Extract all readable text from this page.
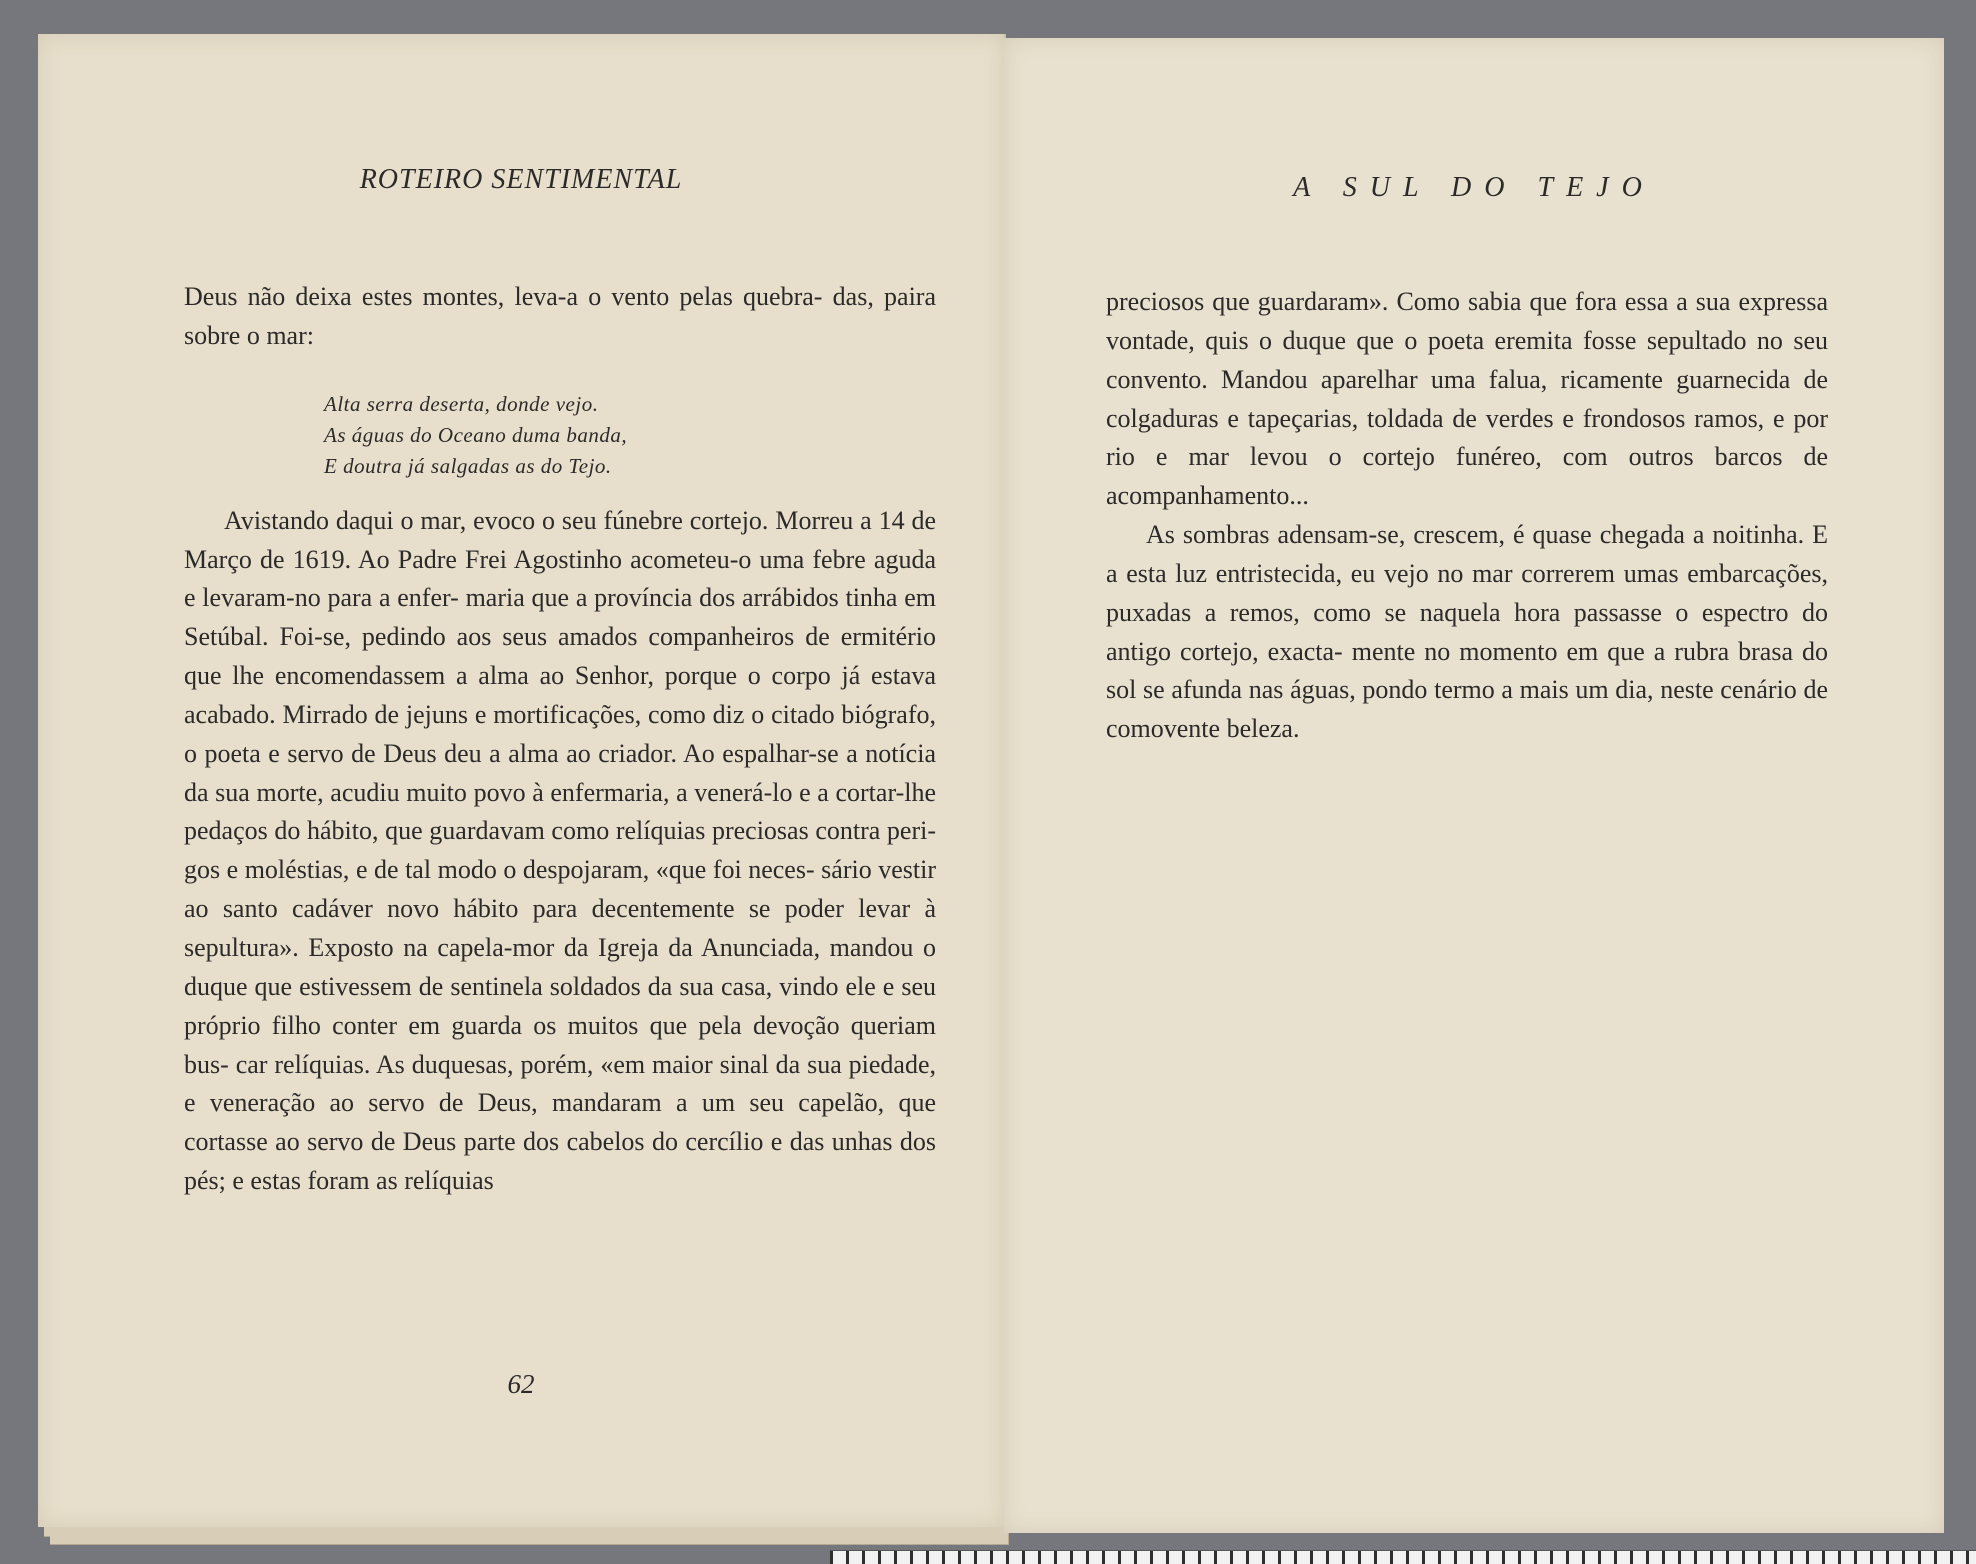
ROTEIRO SENTIMENTAL

Deus não deixa estes montes, leva-a o vento pelas quebra- das, paira sobre o mar:

Alta serra deserta, donde vejo.
As águas do Oceano duma banda,
E doutra já salgadas as do Tejo.

Avistando daqui o mar, evoco o seu fúnebre cortejo. Morreu a 14 de Março de 1619. Ao Padre Frei Agostinho acometeu-o uma febre aguda e levaram-no para a enfer- maria que a província dos arrábidos tinha em Setúbal. Foi-se, pedindo aos seus amados companheiros de ermitério que lhe encomendassem a alma ao Senhor, porque o corpo já estava acabado. Mirrado de jejuns e mortificações, como diz o citado biógrafo, o poeta e servo de Deus deu a alma ao criador. Ao espalhar-se a notícia da sua morte, acudiu muito povo à enfermaria, a venerá-lo e a cortar-lhe pedaços do hábito, que guardavam como relíquias preciosas contra peri- gos e moléstias, e de tal modo o despojaram, «que foi neces- sário vestir ao santo cadáver novo hábito para decentemente se poder levar à sepultura». Exposto na capela-mor da Igreja da Anunciada, mandou o duque que estivessem de sentinela soldados da sua casa, vindo ele e seu próprio filho conter em guarda os muitos que pela devoção queriam bus- car relíquias. As duquesas, porém, «em maior sinal da sua piedade, e veneração ao servo de Deus, mandaram a um seu capelão, que cortasse ao servo de Deus parte dos cabelos do cercílio e das unhas dos pés; e estas foram as relíquias

62
A SUL DO TEJO

preciosos que guardaram». Como sabia que fora essa a sua expressa vontade, quis o duque que o poeta eremita fosse sepultado no seu convento. Mandou aparelhar uma falua, ricamente guarnecida de colgaduras e tapeçarias, toldada de verdes e frondosos ramos, e por rio e mar levou o cortejo funéreo, com outros barcos de acompanhamento...

As sombras adensam-se, crescem, é quase chegada a noitinha. E a esta luz entristecida, eu vejo no mar correrem umas embarcações, puxadas a remos, como se naquela hora passasse o espectro do antigo cortejo, exacta- mente no momento em que a rubra brasa do sol se afunda nas águas, pondo termo a mais um dia, neste cenário de comovente beleza.
